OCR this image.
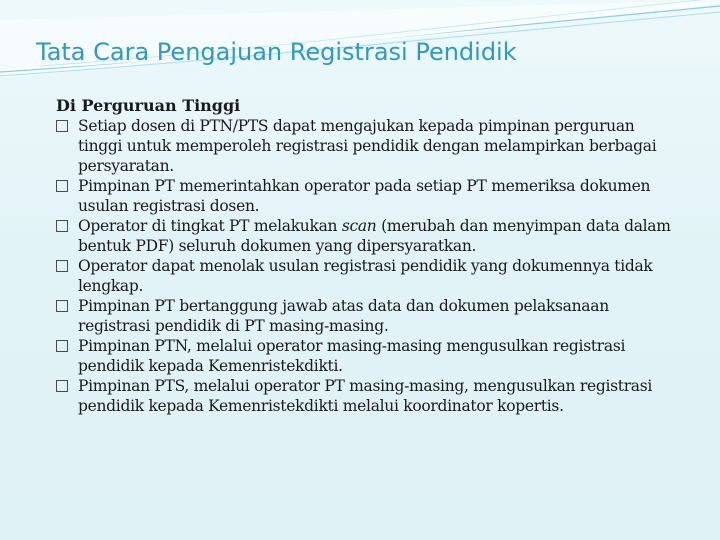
Tata Cara Pengajuan Registrasi Pendidik

Di Perguruan Tinggi

Setiap dosen di PTN/PTS dapat mengajukan kepada pimpinan perguruan tinggi untuk memperoleh registrasi pendidik dengan melampirkan berbagai persyaratan.
Pimpinan PT memerintahkan operator pada setiap PT memeriksa dokumen usulan registrasi dosen.
Operator di tingkat PT melakukan scan (merubah dan menyimpan data dalam bentuk PDF) seluruh dokumen yang dipersyaratkan.
Operator dapat menolak usulan registrasi pendidik yang dokumennya tidak lengkap.
Pimpinan PT bertanggung jawab atas data dan dokumen pelaksanaan registrasi pendidik di PT masing-masing.
Pimpinan PTN, melalui operator masing-masing mengusulkan registrasi pendidik kepada Kemenristekdikti.
Pimpinan PTS, melalui operator PT masing-masing, mengusulkan registrasi pendidik kepada Kemenristekdikti melalui koordinator kopertis.
